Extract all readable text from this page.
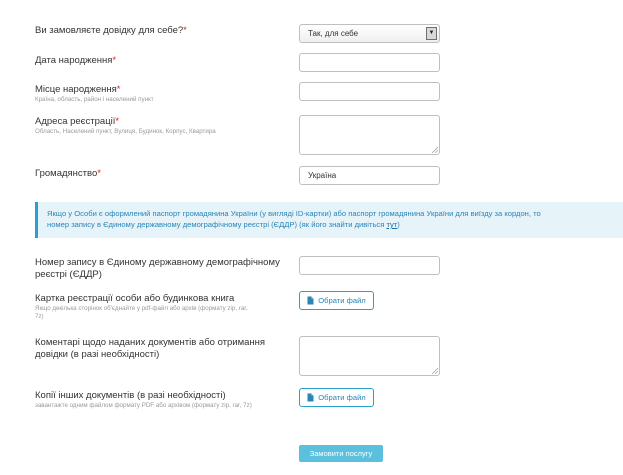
Ви замовляєте довідку для себе?*	Так, для себе	▼
Дата народження*
Місце народження*
Країна, область, район і населений пункт
Адреса реєстрації*
Область, Населений пункт, Вулиця, Будинок, Корпус, Квартира
Громадянство*	Україна
Якщо у Особи є оформлений паспорт громадянина України (у вигляді ID-картки) або паспорт громадянина України для виїзду за кордон, то
номер запису в Єдиному державному демографічному реєстрі (ЄДДР) (як його знайти дивіться тут)
Номер запису в Єдиному державному демографічному
реєстрі (ЄДДР)
Картка реєстрації особи або будинкова книга
Якщо декілька сторінок об'єднайте у pdf-файл або архів (формату zip, rar,
7z)
Обрати файл
Коментарі щодо наданих документів або отримання
довідки (в разі необхідності)
Копії інших документів (в разі необхідності)
завантажте одним файлом формату PDF або архівом (формату zip, rar, 7z)
Обрати файл
Замовити послугу
